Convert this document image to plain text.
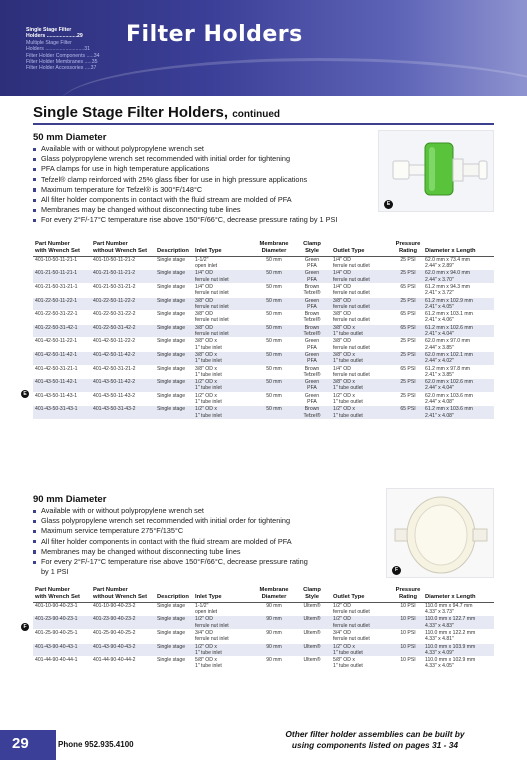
Single Stage Filter
Holders .....................29
Multiple Stage Filter
Holders ...........................31
Filter Holder Components .....34
Filter Holder Membranes .....35
Filter Holder Accessories ....37
Filter Holders
Single Stage Filter Holders, continued
50 mm Diameter
Available with or without polypropylene wrench set
Glass polypropylene wrench set recommended with initial order for tightening
PFA clamps for use in high temperature applications
Tefzel® clamp reinforced with 25% glass fiber for use in high pressure applications
Maximum temperature for Tefzel® is 300°F/148°C
All filter holder components in contact with the fluid stream are molded of PFA
Membranes may be changed without disconnecting tube lines
For every 2°F/-17°C temperature rise above 150°F/66°C, decrease pressure rating by 1 PSI
E
Part Number
with Wrench Set	Part Number
without Wrench Set	Description	Inlet Type	Membrane
Diameter	Clamp
Style	Outlet Type	Pressure
Rating	Diameter x Length

401-10-50-11-21-1	401-10-50-11-21-2	Single stage	1-1/2"
open inlet	50 mm	Green
PFA	1/4" OD
ferrule nut outlet	25 PSI	62.0 mm x 73.4 mm
2.44" x 2.89"

401-21-50-11-21-1	401-21-50-11-21-2	Single stage	1/4" OD
ferrule nut inlet	50 mm	Green
PFA	1/4" OD
ferrule nut outlet	25 PSI	62.0 mm x 94.0 mm
2.44" x 3.70"

401-21-50-31-21-1	401-21-50-31-21-2	Single stage	1/4" OD
ferrule nut inlet	50 mm	Brown
Tefzel®	1/4" OD
ferrule nut outlet	65 PSI	61.2 mm x 94.3 mm
2.41" x 3.72"

401-22-50-11-22-1	401-22-50-11-22-2	Single stage	3/8" OD
ferrule nut inlet	50 mm	Green
PFA	3/8" OD
ferrule nut outlet	25 PSI	61.2 mm x 102.9 mm
2.41" x 4.05"

401-22-50-31-22-1	401-22-50-31-22-2	Single stage	3/8" OD
ferrule nut inlet	50 mm	Brown
Tefzel®	3/8" OD
ferrule nut outlet	65 PSI	61.2 mm x 103.1 mm
2.41" x 4.06"

401-22-50-31-42-1	401-22-50-31-42-2	Single stage	3/8" OD
ferrule nut inlet	50 mm	Brown
Tefzel®	3/8" OD x
1" tube outlet	65 PSI	61.2 mm x 102.6 mm
2.41" x 4.04"

401-42-50-11-22-1	401-42-50-11-22-2	Single stage	3/8" OD x
1" tube inlet	50 mm	Green
PFA	3/8" OD
ferrule nut outlet	25 PSI	62.0 mm x 97.0 mm
2.44" x 3.85"

401-42-50-11-42-1	401-42-50-11-42-2	Single stage	3/8" OD x
1" tube inlet	50 mm	Green
PFA	3/8" OD x
1" tube outlet	25 PSI	62.0 mm x 102.1 mm
2.44" x 4.02"

401-42-50-31-21-1	401-42-50-31-21-2	Single stage	3/8" OD x
1" tube inlet	50 mm	Brown
Tefzel®	1/4" OD
ferrule nut outlet	65 PSI	61.2 mm x 97.8 mm
2.41" x 3.85"

401-43-50-11-42-1	401-43-50-11-42-2	Single stage	1/2" OD x
1" tube inlet	50 mm	Green
PFA	3/8" OD x
1" tube outlet	25 PSI	62.0 mm x 102.6 mm
2.44" x 4.04"

401-43-50-11-43-1	401-43-50-11-43-2	Single stage	1/2" OD x
1" tube inlet	50 mm	Green
PFA	1/2" OD x
1" tube outlet	25 PSI	62.0 mm x 103.6 mm
2.44" x 4.08"

401-43-50-31-43-1	401-43-50-31-43-2	Single stage	1/2" OD x
1" tube inlet	50 mm	Brown
Tefzel®	1/2" OD x
1" tube outlet	65 PSI	61.2 mm x 103.6 mm
2.41" x 4.08"
E
90 mm Diameter
Available with or without polypropylene wrench set
Glass polypropylene wrench set recommended with initial order for tightening
Maximum service temperature 275°F/135°C
All filter holder components in contact with the fluid stream are molded of PFA
Membranes may be changed without disconnecting tube lines
For every 2°F/-17°C temperature rise above 150°F/66°C, decrease pressure rating
by 1 PSI	F
Part Number
with Wrench Set	Part Number
without Wrench Set	Description	Inlet Type	Membrane
Diameter	Clamp
Style	Outlet Type	Pressure
Rating	Diameter x Length

401-10-90-40-23-1	401-10-90-40-23-2	Single stage	1-1/2"
open inlet	90 mm	Ultem®	1/2" OD
ferrule nut outlet	10 PSI	110.0 mm x 94.7 mm
4.33" x 3.73"

401-23-90-40-23-1	401-23-90-40-23-2	Single stage	1/2" OD
ferrule nut inlet	90 mm	Ultem®	1/2" OD
ferrule nut outlet	10 PSI	110.0 mm x 122.7 mm
4.33" x 4.83"

401-25-90-40-25-1	401-25-90-40-25-2	Single stage	3/4" OD
ferrule nut inlet	90 mm	Ultem®	3/4" OD
ferrule nut outlet	10 PSI	110.0 mm x 122.2 mm
4.33" x 4.81"

401-43-90-40-43-1	401-43-90-40-43-2	Single stage	1/2" OD x
1" tube inlet	90 mm	Ultem®	1/2" OD x
1" tube outlet	10 PSI	110.0 mm x 103.9 mm
4.33" x 4.09"

401-44-90-40-44-1	401-44-90-40-44-2	Single stage	5/8" OD x
1" tube inlet	90 mm	Ultem®	5/8" OD x
1" tube outlet	10 PSI	110.0 mm x 102.9 mm
4.33" x 4.05"
F
29	Phone 952.935.4100
Other filter holder assemblies can be built by
using components listed on pages 31 - 34
